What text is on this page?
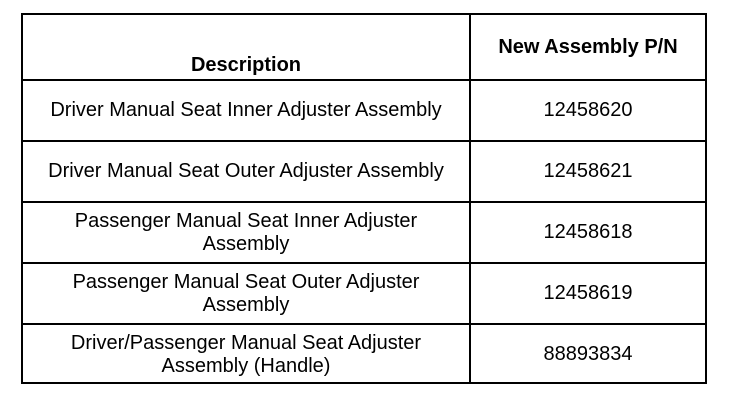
Description	New Assembly P/N
Driver Manual Seat Inner Adjuster Assembly	12458620
Driver Manual Seat Outer Adjuster Assembly	12458621
Passenger Manual Seat Inner Adjuster Assembly	12458618
Passenger Manual Seat Outer Adjuster Assembly	12458619
Driver/Passenger Manual Seat Adjuster Assembly (Handle)	88893834
